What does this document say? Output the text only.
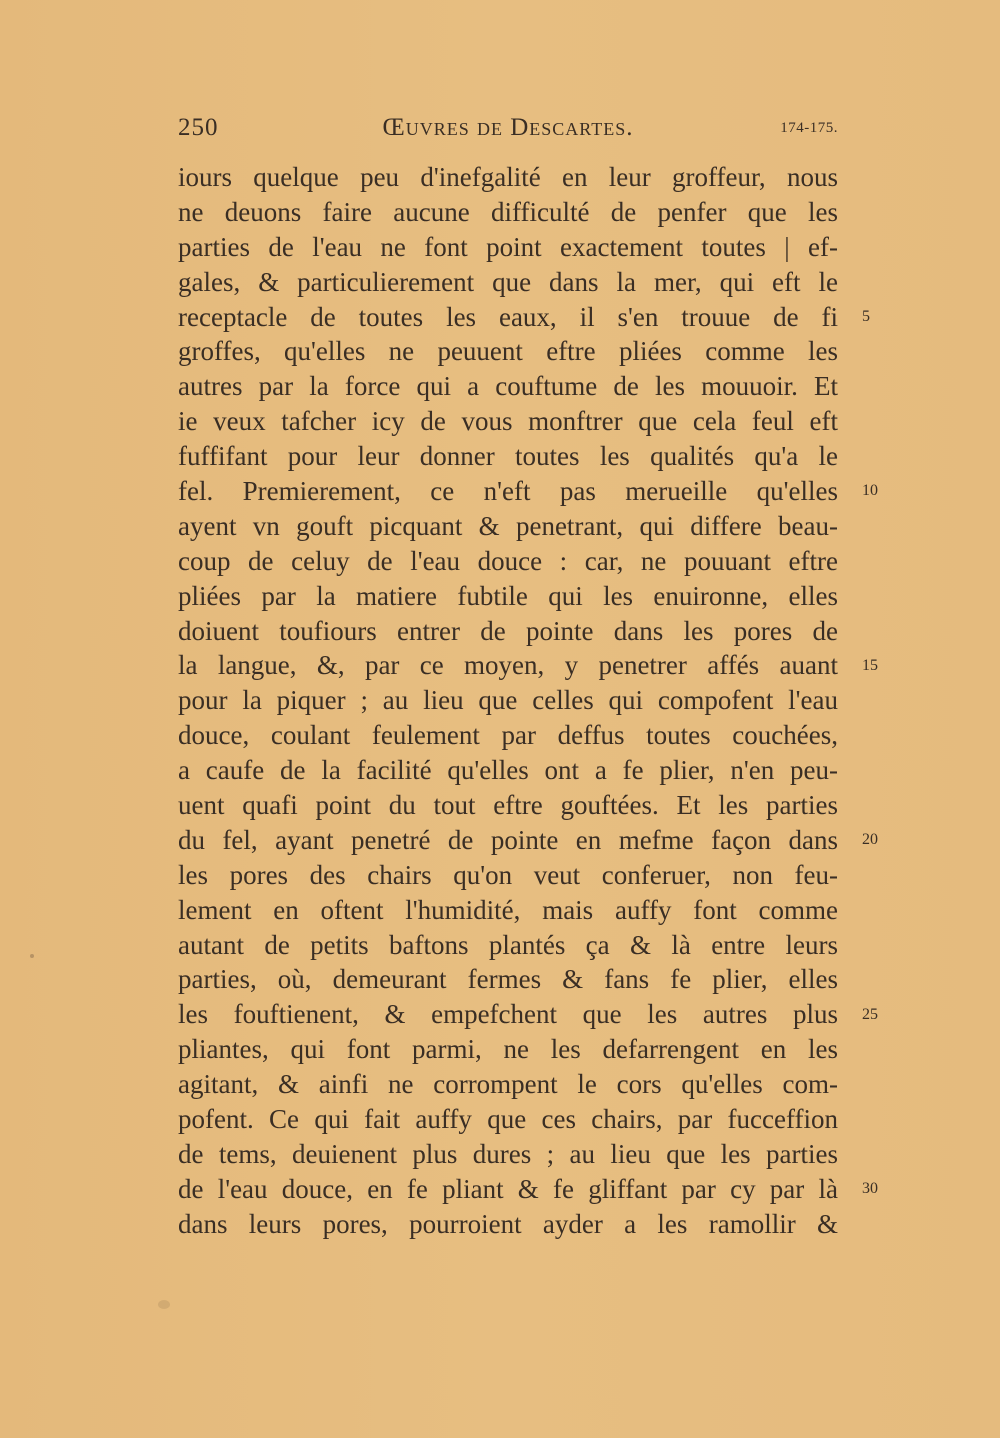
250	Œuvres de Descartes.	174-175.
iours quelque peu d'inefgalité en leur groffeur, nous
ne deuons faire aucune difficulté de penfer que les
parties de l'eau ne font point exactement toutes | ef-
gales, & particulierement que dans la mer, qui eft le
receptacle de toutes les eaux, il s'en trouue de fi
groffes, qu'elles ne peuuent eftre pliées comme les
autres par la force qui a couftume de les mouuoir. Et
ie veux tafcher icy de vous monftrer que cela feul eft
fuffifant pour leur donner toutes les qualités qu'a le
fel. Premierement, ce n'eft pas merueille qu'elles
ayent vn gouft picquant & penetrant, qui differe beau-
coup de celuy de l'eau douce : car, ne pouuant eftre
pliées par la matiere fubtile qui les enuironne, elles
doiuent toufiours entrer de pointe dans les pores de
la langue, &, par ce moyen, y penetrer affés auant
pour la piquer ; au lieu que celles qui compofent l'eau
douce, coulant feulement par deffus toutes couchées,
a caufe de la facilité qu'elles ont a fe plier, n'en peu-
uent quafi point du tout eftre gouftées. Et les parties
du fel, ayant penetré de pointe en mefme façon dans
les pores des chairs qu'on veut conferuer, non feu-
lement en oftent l'humidité, mais auffy font comme
autant de petits baftons plantés ça & là entre leurs
parties, où, demeurant fermes & fans fe plier, elles
les fouftienent, & empefchent que les autres plus
pliantes, qui font parmi, ne les defarrengent en les
agitant, & ainfi ne corrompent le cors qu'elles com-
pofent. Ce qui fait auffy que ces chairs, par fucceffion
de tems, deuienent plus dures ; au lieu que les parties
de l'eau douce, en fe pliant & fe gliffant par cy par là
dans leurs pores, pourroient ayder a les ramollir &
5
10
15
20
25
30
